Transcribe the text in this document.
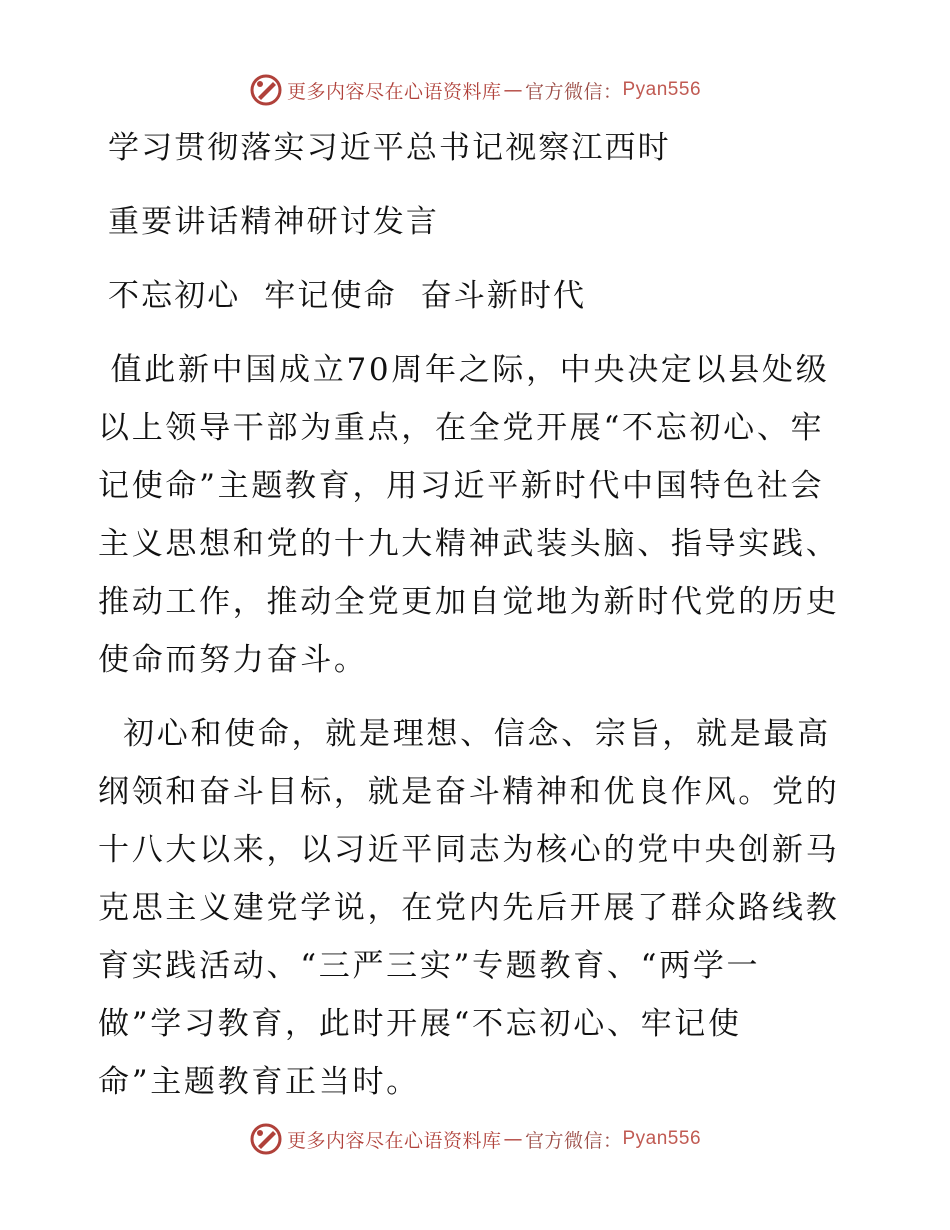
更多内容尽在心语资料库 — 官方微信： Pyan556
学习贯彻落实习近平总书记视察江西时
重要讲话精神研讨发言
不忘初心  牢记使命  奋斗新时代
值此新中国成立70周年之际，中央决定以县处级
以上领导干部为重点，在全党开展“不忘初心、牢
记使命”主题教育，用习近平新时代中国特色社会
主义思想和党的十九大精神武装头脑、指导实践、
推动工作，推动全党更加自觉地为新时代党的历史
使命而努力奋斗。
初心和使命，就是理想、信念、宗旨，就是最高
纲领和奋斗目标，就是奋斗精神和优良作风。党的
十八大以来，以习近平同志为核心的党中央创新马
克思主义建党学说，在党内先后开展了群众路线教
育实践活动、“三严三实”专题教育、“两学一
做”学习教育，此时开展“不忘初心、牢记使
命”主题教育正当时。
更多内容尽在心语资料库 — 官方微信： Pyan556
